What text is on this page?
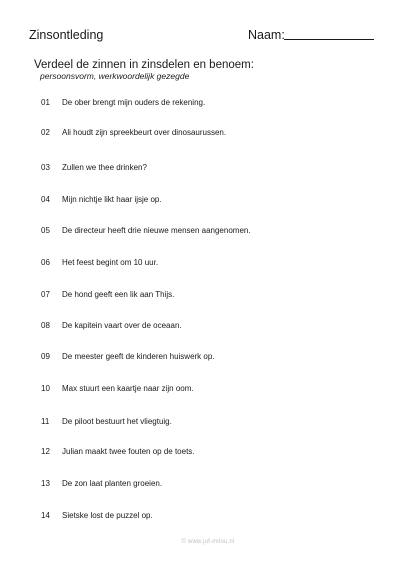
Zinsontleding	Naam:
Verdeel de zinnen in zinsdelen en benoem:
persoonsvorm, werkwoordelijk gezegde
01	De ober brengt mijn ouders de rekening.
02	Ali houdt zijn spreekbeurt over dinosaurussen.
03	Zullen we thee drinken?
04	Mijn nichtje likt haar ijsje op.
05	De directeur heeft drie nieuwe mensen aangenomen.
06	Het feest begint om 10 uur.
07	De hond geeft een lik aan Thijs.
08	De kapitein vaart over de oceaan.
09	De meester geeft de kinderen huiswerk op.
10	Max stuurt een kaartje naar zijn oom.
11	De piloot bestuurt het vliegtuig.
12	Julian maakt twee fouten op de toets.
13	De zon laat planten groeien.
14	Sietske lost de puzzel op.
© www.juf-milou.nl
